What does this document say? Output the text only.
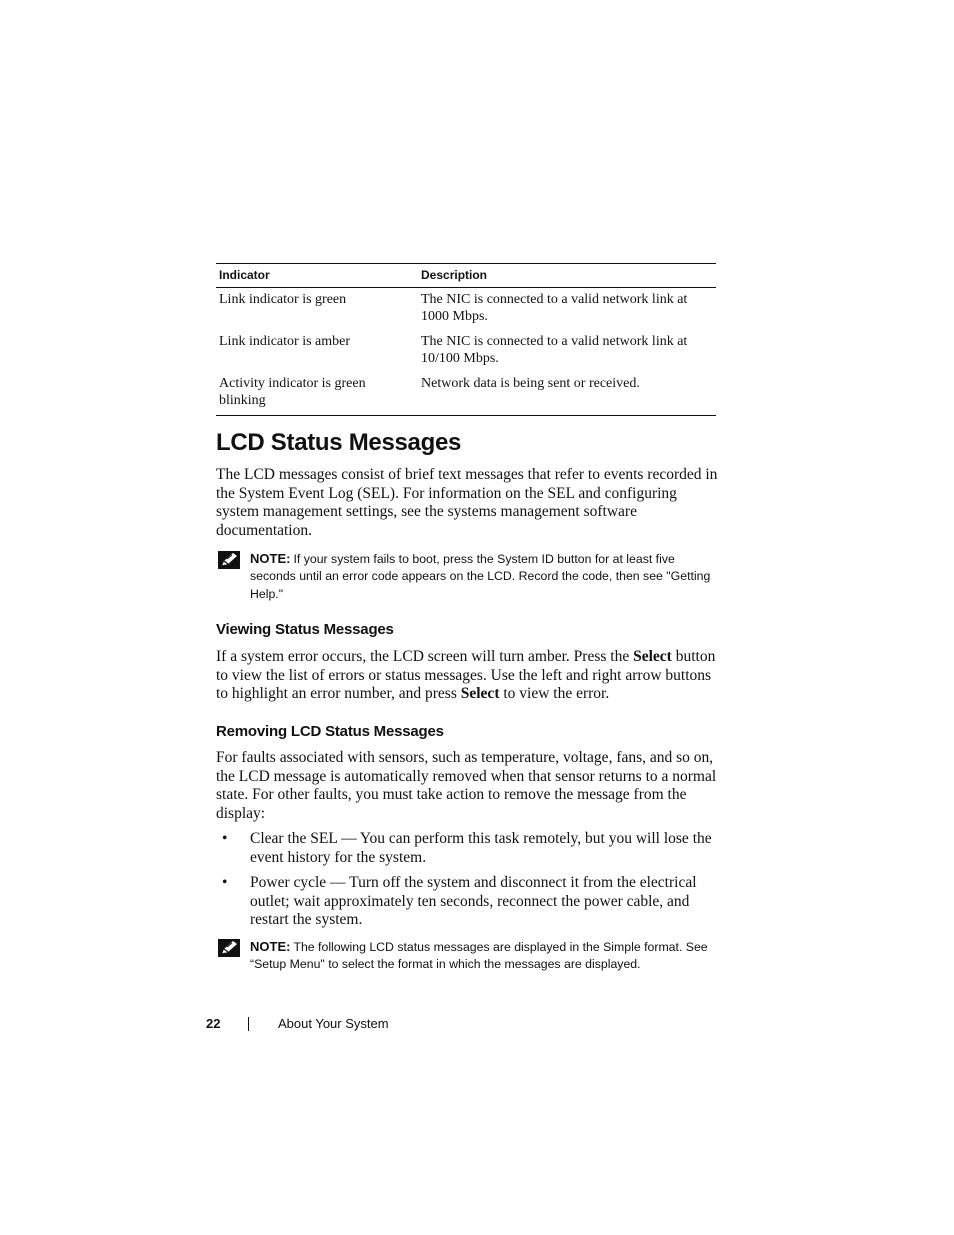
Indicator	Description
Link indicator is green	The NIC is connected to a valid network link at 1000 Mbps.
Link indicator is amber	The NIC is connected to a valid network link at 10/100 Mbps.
Activity indicator is green blinking	Network data is being sent or received.
LCD Status Messages

The LCD messages consist of brief text messages that refer to events recorded in the System Event Log (SEL). For information on the SEL and configuring system management settings, see the systems management software documentation.

NOTE: If your system fails to boot, press the System ID button for at least five seconds until an error code appears on the LCD. Record the code, then see "Getting Help."
Viewing Status Messages

If a system error occurs, the LCD screen will turn amber. Press the Select button to view the list of errors or status messages. Use the left and right arrow buttons to highlight an error number, and press Select to view the error.

Removing LCD Status Messages

For faults associated with sensors, such as temperature, voltage, fans, and so on, the LCD message is automatically removed when that sensor returns to a normal state. For other faults, you must take action to remove the message from the display:

• Clear the SEL — You can perform this task remotely, but you will lose the event history for the system.
• Power cycle — Turn off the system and disconnect it from the electrical outlet; wait approximately ten seconds, reconnect the power cable, and restart the system.
NOTE: The following LCD status messages are displayed in the Simple format. See “Setup Menu" to select the format in which the messages are displayed.
22	About Your System
